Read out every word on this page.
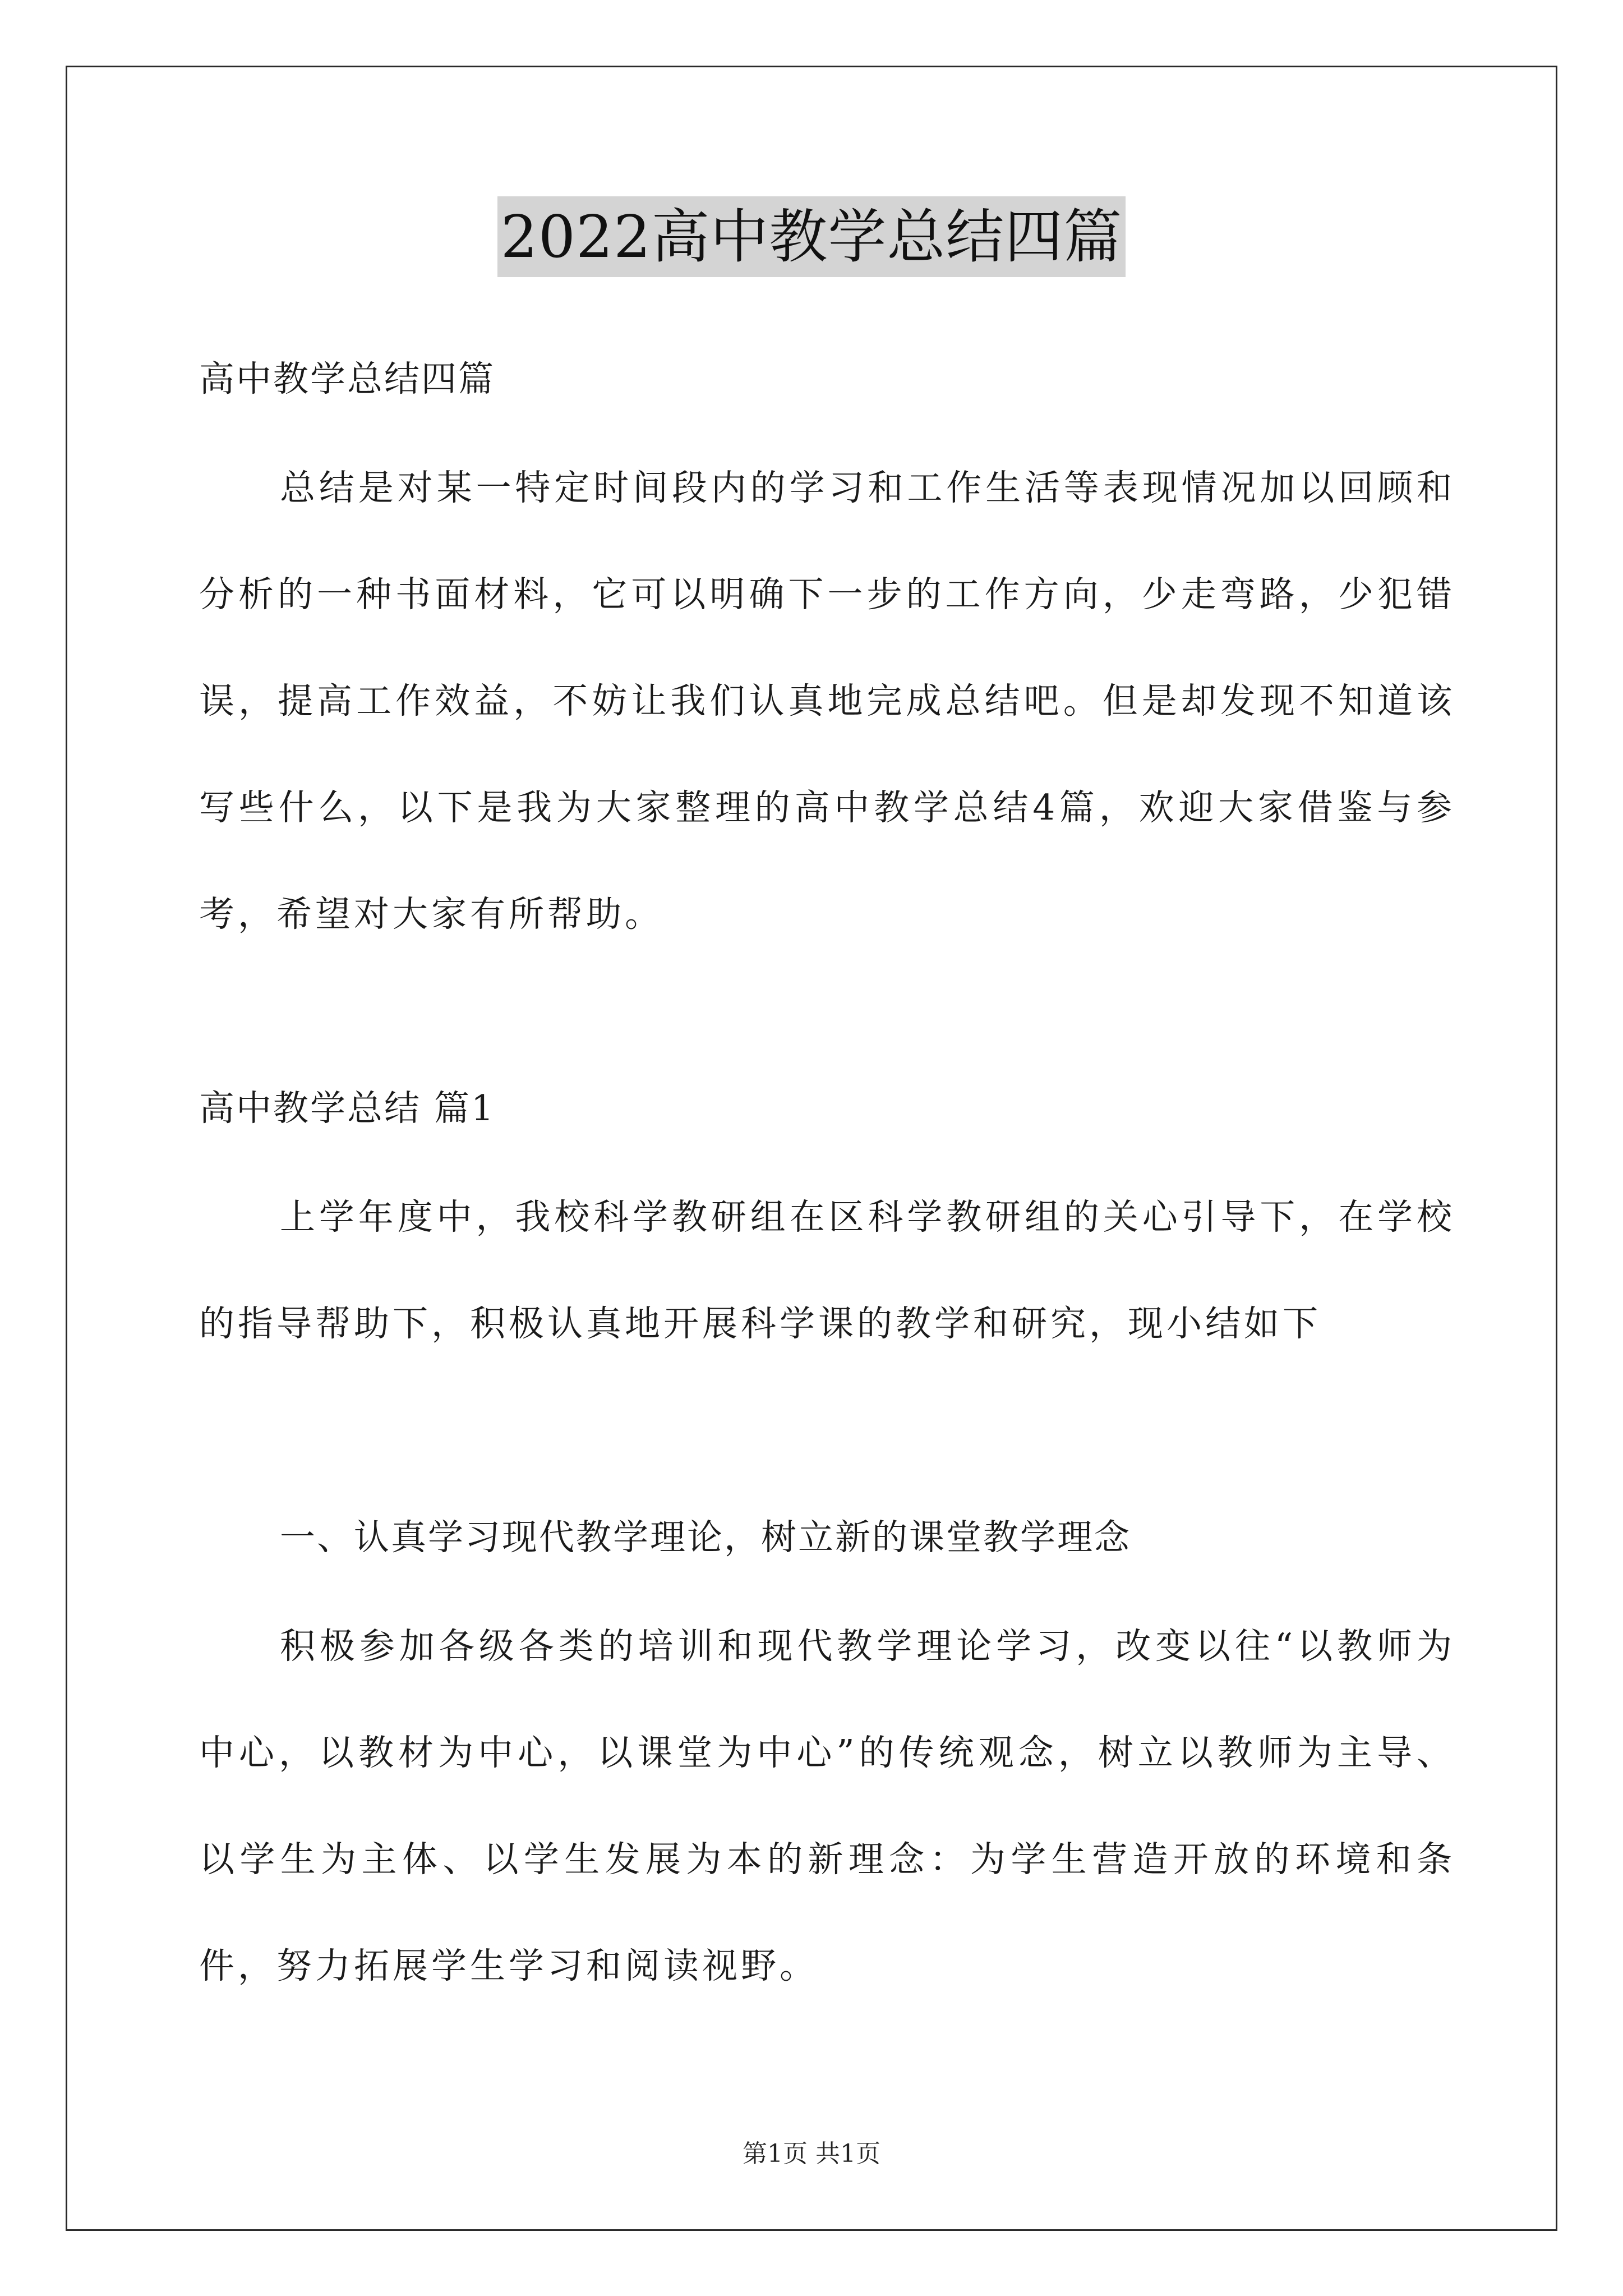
2022高中教学总结四篇
高中教学总结四篇

总结是对某一特定时间段内的学习和工作生活等表现情况加以回顾和分析的一种书面材料，它可以明确下一步的工作方向，少走弯路，少犯错误，提高工作效益，不妨让我们认真地完成总结吧。但是却发现不知道该写些什么，以下是我为大家整理的高中教学总结4篇，欢迎大家借鉴与参考，希望对大家有所帮助。

高中教学总结 篇1

上学年度中，我校科学教研组在区科学教研组的关心引导下，在学校的指导帮助下，积极认真地开展科学课的教学和研究，现小结如下

一、认真学习现代教学理论，树立新的课堂教学理念

积极参加各级各类的培训和现代教学理论学习，改变以往“以教师为中心，以教材为中心，以课堂为中心”的传统观念，树立以教师为主导、以学生为主体、以学生发展为本的新理念：为学生营造开放的环境和条件，努力拓展学生学习和阅读视野。

第1页 共1页
